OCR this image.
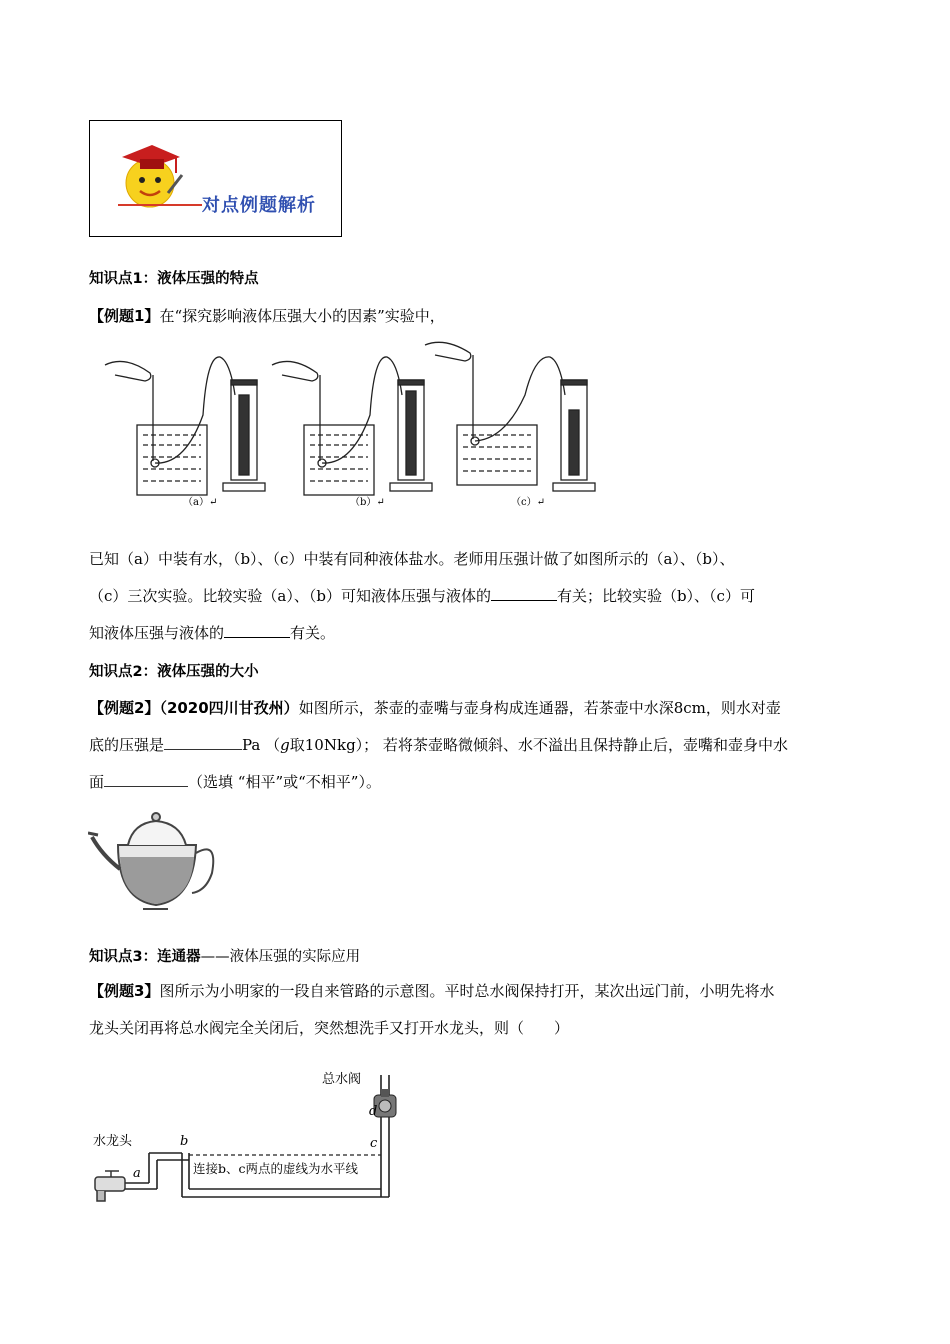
对点例题解析
知识点1：液体压强的特点
【例题1】在“探究影响液体压强大小的因素”实验中，
（a）↵	（b）↵	（c）↵
已知（a）中装有水，（b）、（c）中装有同种液体盐水。老师用压强计做了如图所示的（a）、（b）、
（c）三次实验。比较实验（a）、（b）可知液体压强与液体的	有关；比较实验（b）、（c）可
知液体压强与液体的	有关。
知识点2：液体压强的大小
【例题2】（2020四川甘孜州）如图所示，茶壶的壶嘴与壶身构成连通器，若茶壶中水深8cm，则水对壶
底的压强是	Pa （g取10Nkg）； 若将茶壶略微倾斜、水不溢出且保持静止后，壶嘴和壶身中水
面	（选填 “相平”或“不相平”）。
知识点3：连通器——液体压强的实际应用
【例题3】图所示为小明家的一段自来管路的示意图。平时总水阀保持打开，某次出远门前，小明先将水
龙头关闭再将总水阀完全关闭后，突然想洗手又打开水龙头，则（　　）
总水阀
水龙头
a
b	c
d
连接b、c两点的虚线为水平线
